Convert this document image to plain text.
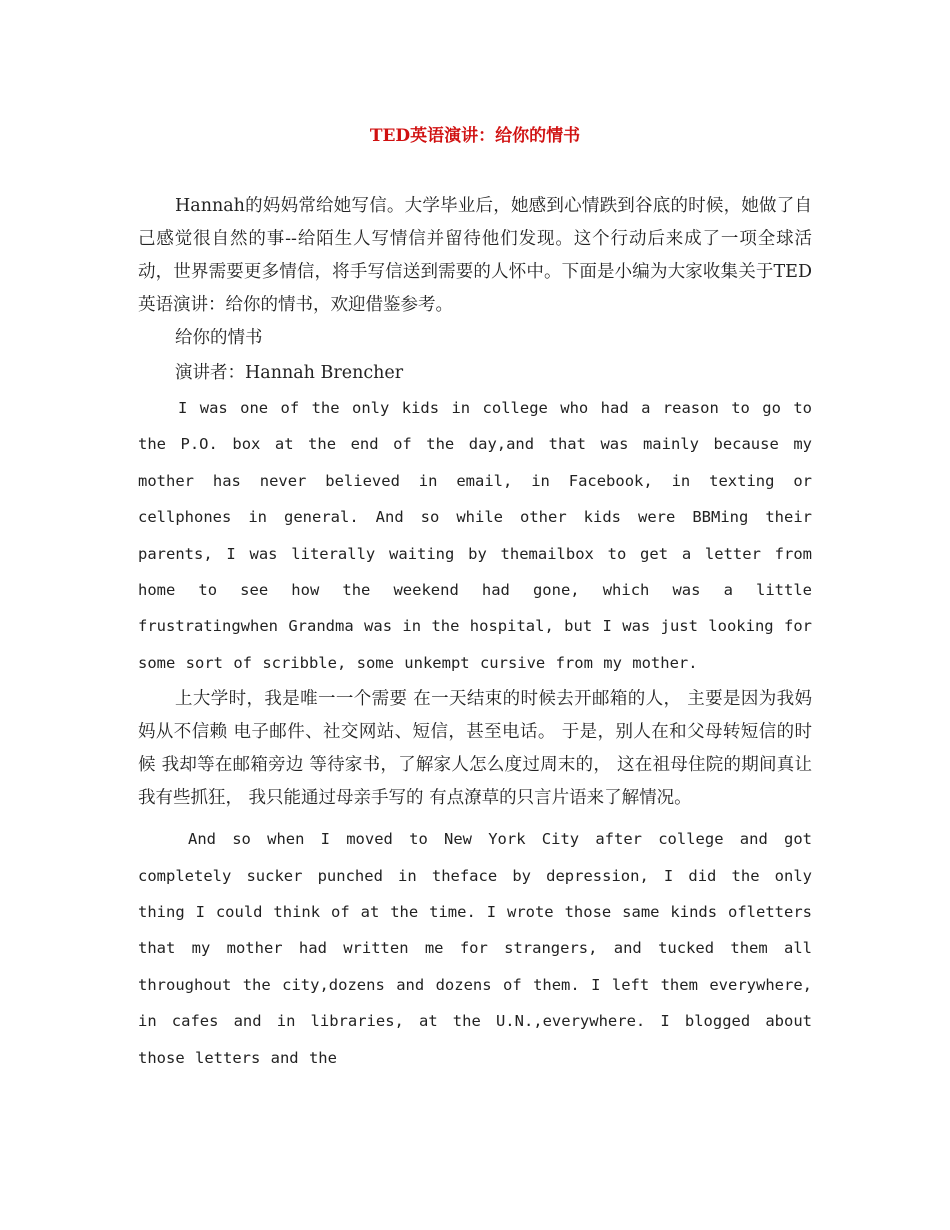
TED英语演讲：给你的情书

Hannah的妈妈常给她写信。大学毕业后，她感到心情跌到谷底的时候，她做了自己感觉很自然的事--给陌生人写情信并留待他们发现。这个行动后来成了一项全球活动，世界需要更多情信，将手写信送到需要的人怀中。下面是小编为大家收集关于TED英语演讲：给你的情书，欢迎借鉴参考。

给你的情书

演讲者：Hannah Brencher

I was one of the only kids in college who had a reason to go to the P.O. box at the end of the day,and that was mainly because my mother has never believed in email, in Facebook, in texting or cellphones in general. And so while other kids were BBMing their parents, I was literally waiting by themailbox to get a letter from home to see how the weekend had gone, which was a little frustratingwhen Grandma was in the hospital, but I was just looking for some sort of scribble, some unkempt cursive from my mother.

上大学时，我是唯一一个需要 在一天结束的时候去开邮箱的人， 主要是因为我妈妈从不信赖 电子邮件、社交网站、短信，甚至电话。 于是，别人在和父母转短信的时候 我却等在邮箱旁边 等待家书，了解家人怎么度过周末的， 这在祖母住院的期间真让我有些抓狂， 我只能通过母亲手写的 有点潦草的只言片语来了解情况。

And so when I moved to New York City after college and got completely sucker punched in theface by depression, I did the only thing I could think of at the time. I wrote those same kinds ofletters that my mother had written me for strangers, and tucked them all throughout the city,dozens and dozens of them. I left them everywhere, in cafes and in libraries, at the U.N.,everywhere. I blogged about those letters and the
